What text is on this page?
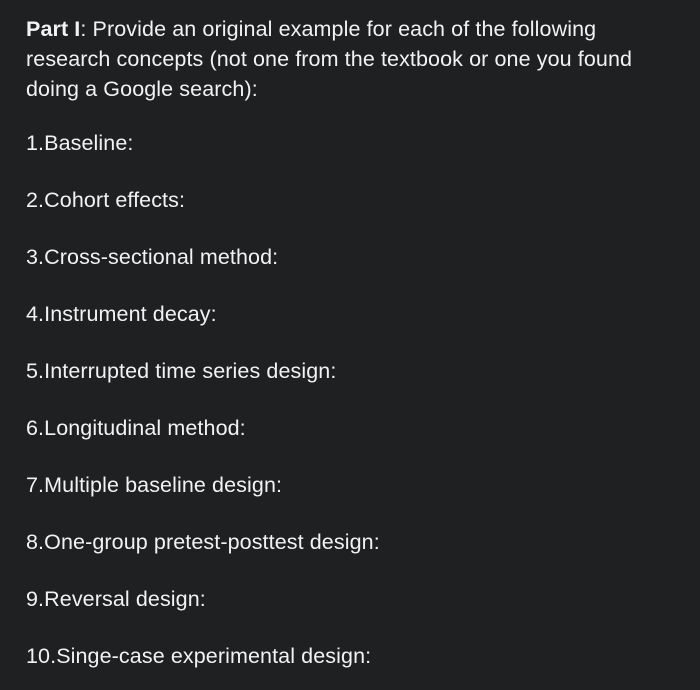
Part I: Provide an original example for each of the following research concepts (not one from the textbook or one you found doing a Google search):

1.Baseline:
2.Cohort effects:
3.Cross-sectional method:
4.Instrument decay:
5.Interrupted time series design:
6.Longitudinal method:
7.Multiple baseline design:
8.One-group pretest-posttest design:
9.Reversal design:
10.Singe-case experimental design:
